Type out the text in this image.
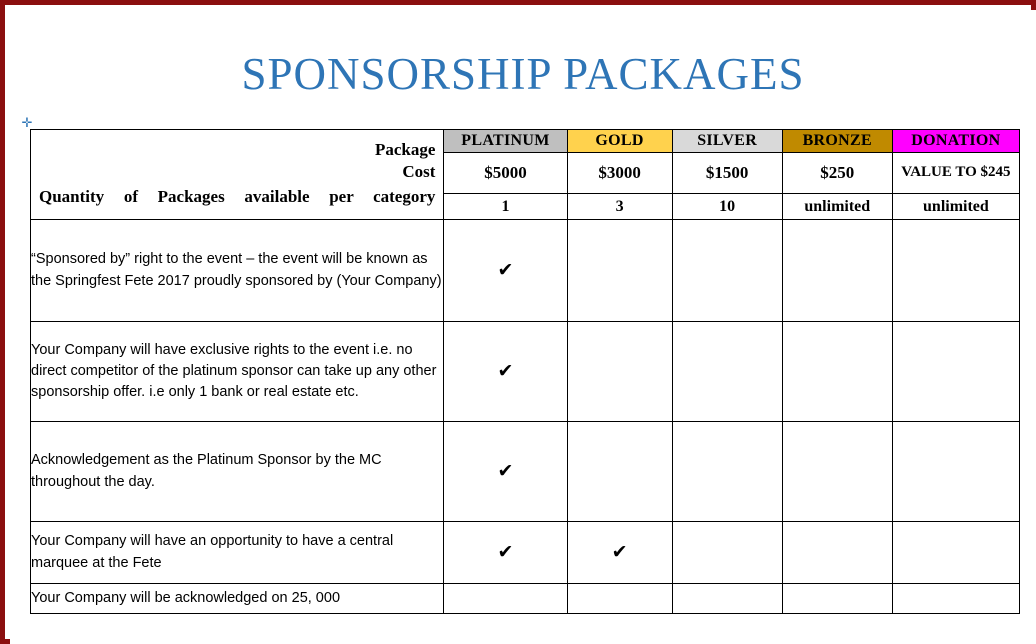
✛
SPONSORSHIP PACKAGES
Package
Cost
Quantity of Packages available per category	PLATINUM	GOLD	SILVER	BRONZE	DONATION
	$5000	$3000	$1500	$250	VALUE TO $245
	1	3	10	unlimited	unlimited
“Sponsored by” right to the event – the event will be known as the Springfest Fete 2017 proudly sponsored by (Your Company)	✔				
Your Company will have exclusive rights to the event i.e. no direct competitor of the platinum sponsor can take up any other sponsorship offer. i.e only 1 bank or real estate etc.	✔				
Acknowledgement as the Platinum Sponsor by the MC throughout the day.	✔				
Your Company will have an opportunity to have a central marquee at the Fete	✔	✔			
Your Company will be acknowledged on 25, 000					
